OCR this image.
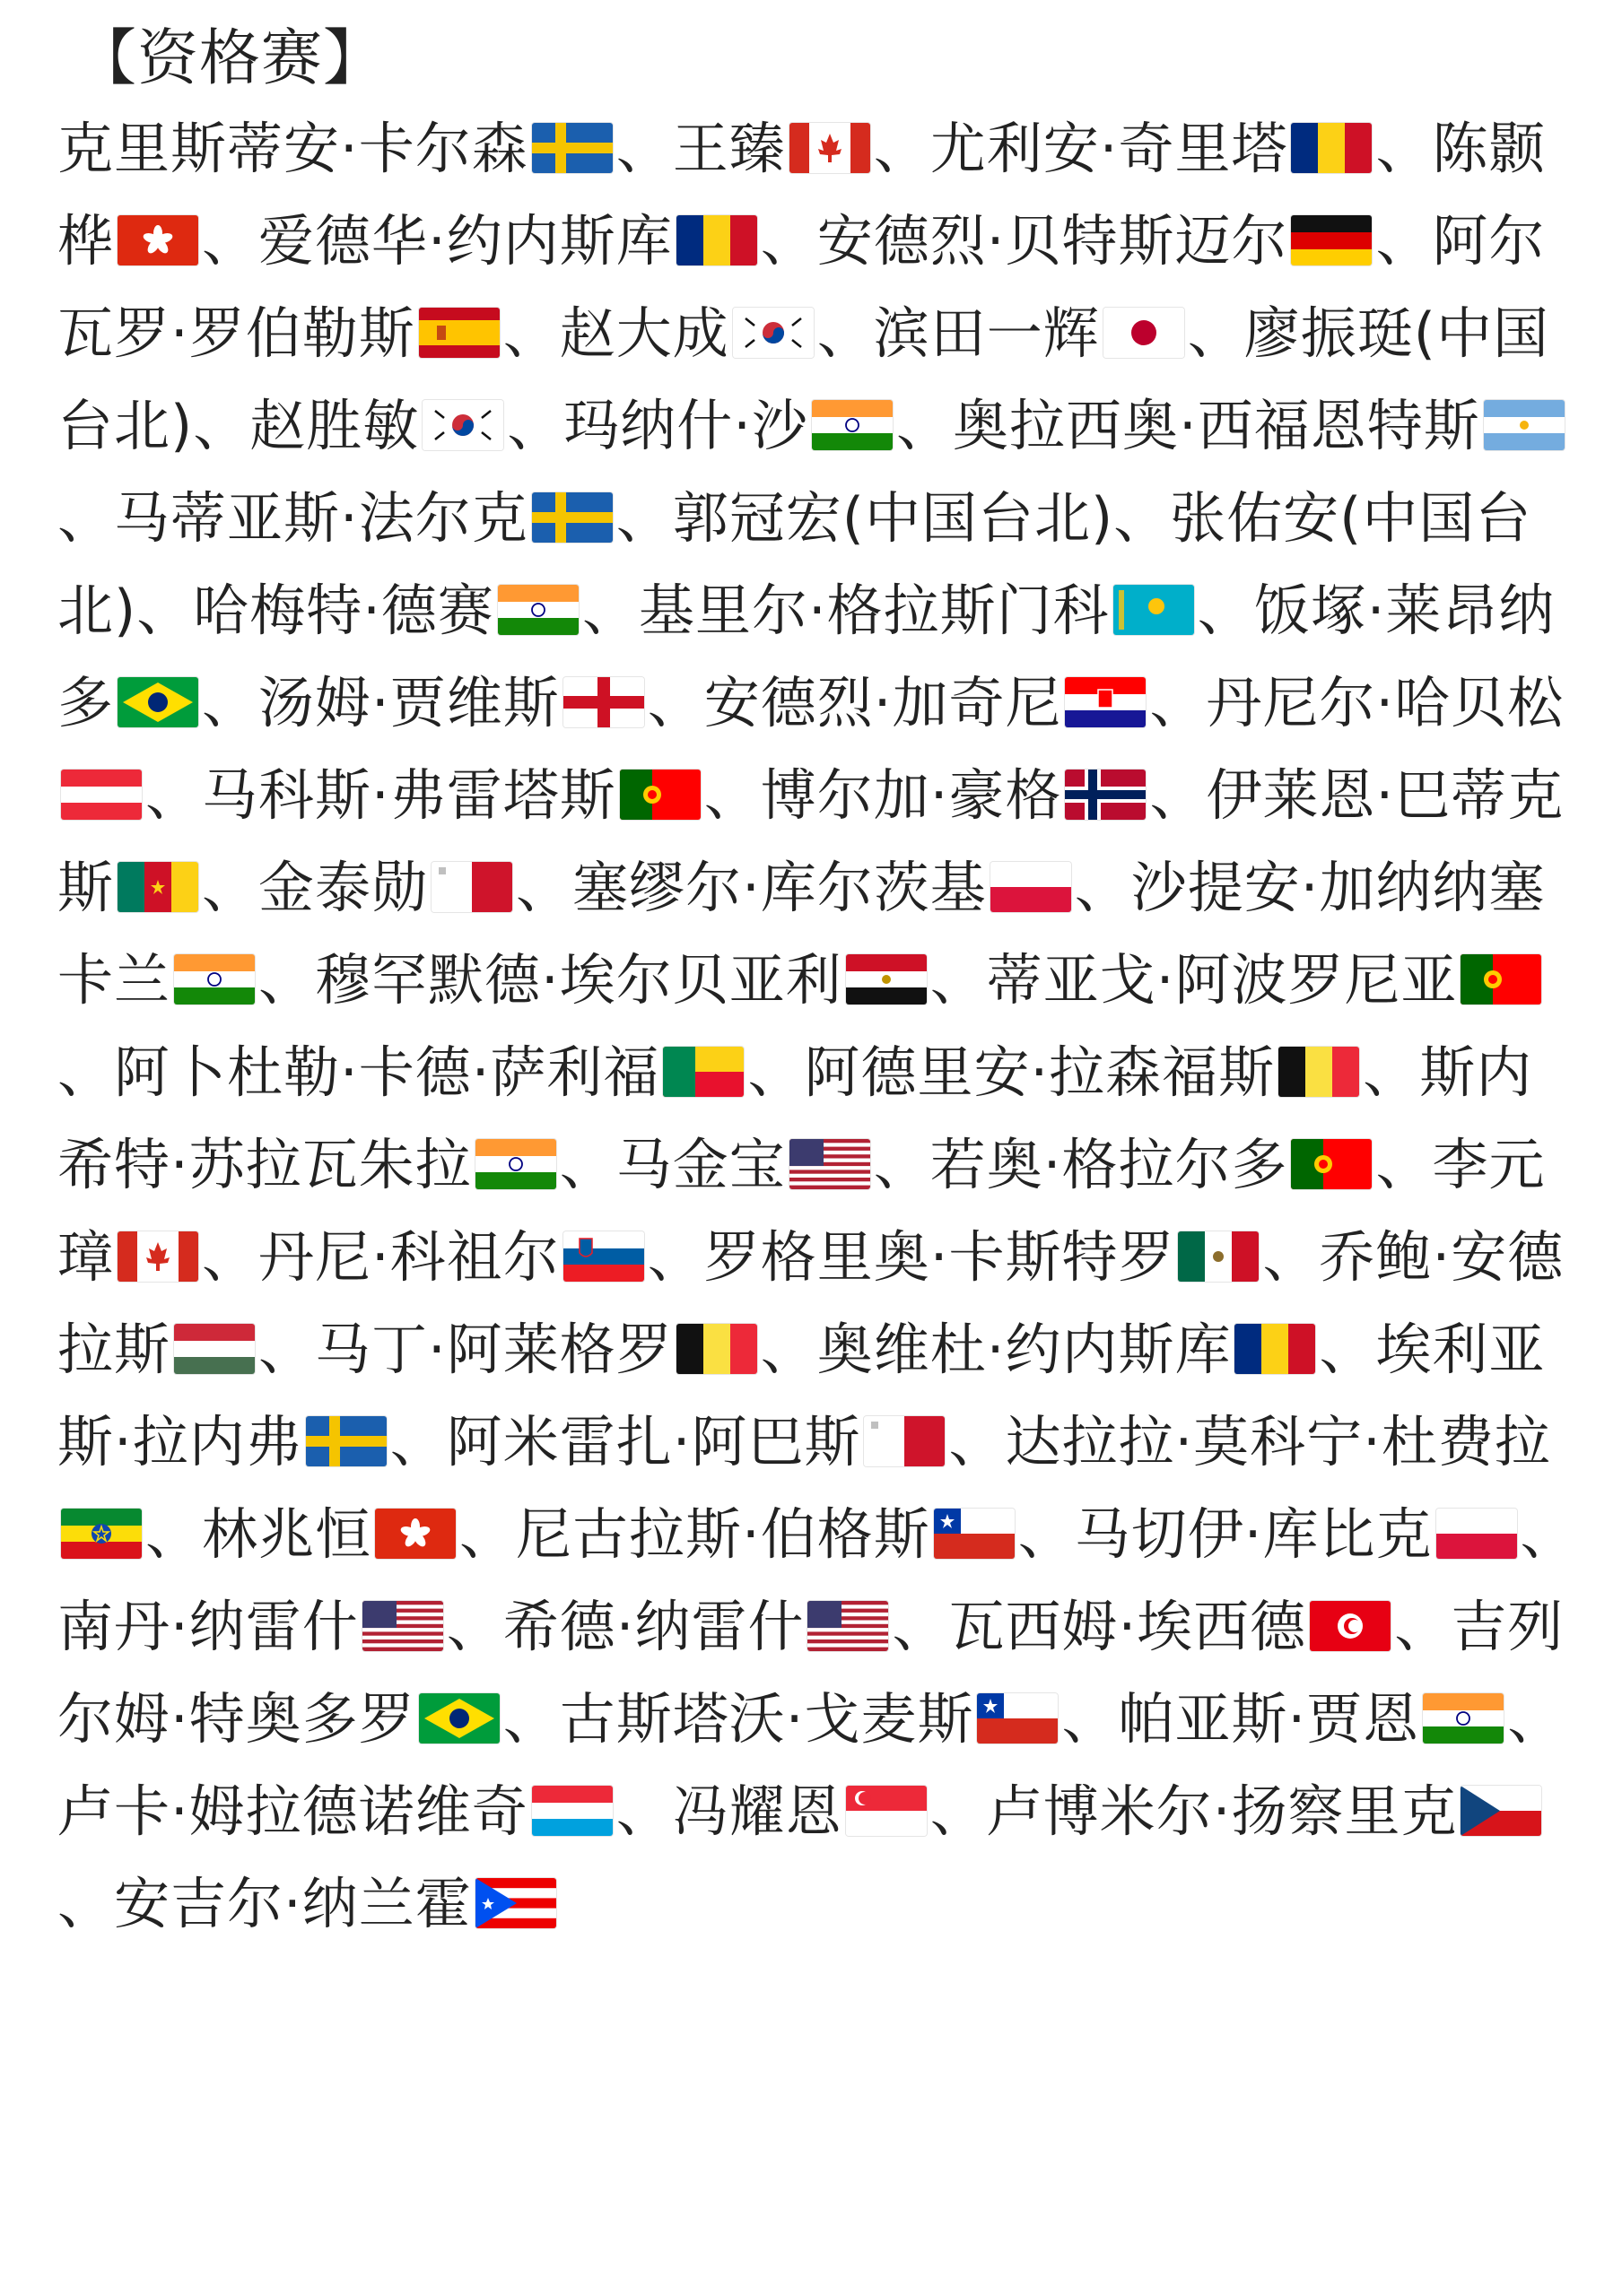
【资格赛】
克里斯蒂安·卡尔森 、王臻 、尤利安·奇里塔 、陈颢桦 、爱德华·约内斯库 、安德烈·贝特斯迈尔 、阿尔瓦罗·罗伯勒斯 、赵大成 、滨田一辉 、廖振珽(中国台北)、赵胜敏 、玛纳什·沙 、奥拉西奥·西福恩特斯
、马蒂亚斯·法尔克 、郭冠宏(中国台北)、张佑安(中国台北)、哈梅特·德赛 、基里尔·格拉斯门科 、饭塚·莱昂纳多 、汤姆·贾维斯 、安德烈·加奇尼 、丹尼尔·哈贝松
、马科斯·弗雷塔斯 、博尔加·豪格 、伊莱恩·巴蒂克斯 、金泰勋 、塞缪尔·库尔茨基 、沙提安·加纳纳塞卡兰 、穆罕默德·埃尔贝亚利 、蒂亚戈·阿波罗尼亚
、阿卜杜勒·卡德·萨利福 、阿德里安·拉森福斯 、斯内希特·苏拉瓦朱拉 、马金宝 、若奥·格拉尔多 、李元璋 、丹尼·科祖尔 、罗格里奥·卡斯特罗 、乔鲍·安德拉斯 、马丁·阿莱格罗 、奥维杜·约内斯库 、埃利亚斯·拉内弗 、阿米雷扎·阿巴斯 、达拉拉·莫科宁·杜费拉
、林兆恒 、尼古拉斯·伯格斯 、马切伊·库比克 、南丹·纳雷什 、希德·纳雷什 、瓦西姆·埃西德 、吉列尔姆·特奥多罗 、古斯塔沃·戈麦斯 、帕亚斯·贾恩 、卢卡·姆拉德诺维奇 、冯耀恩 、卢博米尔·扬察里克
、安吉尔·纳兰霍
